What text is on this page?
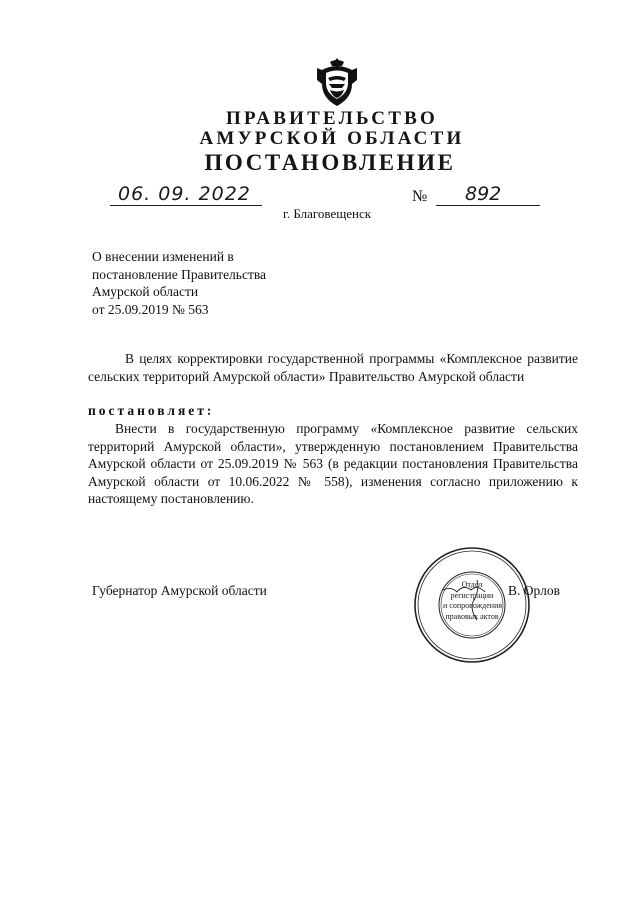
ПРАВИТЕЛЬСТВО
АМУРСКОЙ ОБЛАСТИ
ПОСТАНОВЛЕНИЕ
06. 09. 2022	№ 892
г. Благовещенск
О внесении изменений в
постановление Правительства
Амурской области
от 25.09.2019 № 563
В целях корректировки государственной программы «Комплексное развитие сельских территорий Амурской области» Правительство Амурской области
постановляет:
Внести в государственную программу «Комплексное развитие сельских территорий Амурской области», утвержденную постановлением Правительства Амурской области от 25.09.2019 № 563 (в редакции постановления Правительства Амурской области от 10.06.2022 № 558), изменения согласно приложению к настоящему постановлению.
Губернатор Амурской области	Отдел
регистрации
и сопровождения
правовых актов
В. Орлов
